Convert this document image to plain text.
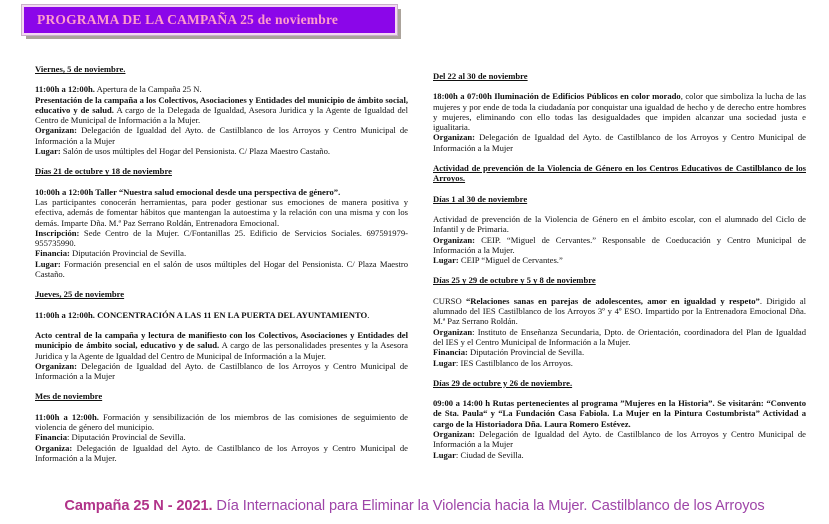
PROGRAMA DE LA CAMPAÑA 25 de noviembre
Viernes, 5 de noviembre.

11:00h a 12:00h. Apertura de la Campaña 25 N.

Presentación de la campaña a los Colectivos, Asociaciones y Entidades del municipio de ámbito social, educativo y de salud. A cargo de la Delegada de Igualdad, Asesora Juridica y la Agente de Igualdad del Centro de Municipal de Información a la Mujer.

Organizan: Delegación de Igualdad del Ayto. de Castilblanco de los Arroyos y Centro Municipal de Información a la Mujer

Lugar: Salón de usos múltiples del Hogar del Pensionista. C/ Plaza Maestro Castaño.

Días 21 de octubre y 18 de noviembre

10:00h a 12:00h Taller “Nuestra salud emocional desde una perspectiva de género”.

Las participantes conocerán herramientas, para poder gestionar sus emociones de manera positiva y efectiva, además de fomentar hábitos que mantengan la autoestima y la relación con una misma y con los demás. Imparte Dña. M.ª Paz Serrano Roldán, Entrenadora Emocional.

Inscripción: Sede Centro de la Mujer. C/Fontanillas 25. Edificio de Servicios Sociales. 697591979-955735990.

Financia: Diputación Provincial de Sevilla.

Lugar: Formación presencial en el salón de usos múltiples del Hogar del Pensionista. C/ Plaza Maestro Castaño.

Jueves, 25 de noviembre

11:00h a 12:00h. CONCENTRACIÓN A LAS 11 EN LA PUERTA DEL AYUNTAMIENTO.

Acto central de la campaña y lectura de manifiesto con los Colectivos, Asociaciones y Entidades del municipio de ámbito social, educativo y de salud. A cargo de las personalidades presentes y la Asesora Juridica y la Agente de Igualdad del Centro de Municipal de Información a la Mujer.

Organizan: Delegación de Igualdad del Ayto. de Castilblanco de los Arroyos y Centro Municipal de Información a la Mujer

Mes de noviembre

11:00h a 12:00h. Formación y sensibilización de los miembros de las comisiones de seguimiento de violencia de género del municipio.

Financia: Diputación Provincial de Sevilla.

Organiza: Delegación de Igualdad del Ayto. de Castilblanco de los Arroyos y Centro Municipal de Información a la Mujer.

Del 22 al 30 de noviembre

18:00h a 07:00h Iluminación de Edificios Públicos en color morado, color que simboliza la lucha de las mujeres y por ende de toda la ciudadanía por conquistar una igualdad de hecho y de derecho entre hombres y mujeres, eliminando con ello todas las desigualdades que impiden alcanzar una sociedad justa e igualitaria.

Organizan: Delegación de Igualdad del Ayto. de Castilblanco de los Arroyos y Centro Municipal de Información a la Mujer

Actividad de prevención de la Violencia de Género en los Centros Educativos de Castilblanco de los Arroyos.
Días 1 al 30 de noviembre

Actividad de prevención de la Violencia de Género en el ámbito escolar, con el alumnado del Ciclo de Infantil y de Primaria.

Organizan: CEIP. “Miguel de Cervantes.” Responsable de Coeducación y Centro Municipal de Información a la Mujer.

Lugar: CEIP “Miguel de Cervantes.”

Días 25 y 29 de octubre y 5 y 8 de noviembre

CURSO “Relaciones sanas en parejas de adolescentes, amor en igualdad y respeto”. Dirigido al alumnado del IES Castilblanco de los Arroyos 3º y 4º ESO. Impartido por la Entrenadora Emocional Dña. M.ª Paz Serrano Roldán.

Organizan: Instituto de Enseñanza Secundaria, Dpto. de Orientación, coordinadora del Plan de Igualdad del IES y el Centro Municipal de Información a la Mujer.

Financia: Diputación Provincial de Sevilla.

Lugar: IES Castilblanco de los Arroyos.

Días 29 de octubre y 26 de noviembre.

09:00 a 14:00 h Rutas pertenecientes al programa ”Mujeres en la Historia”. Se visitarán: “Convento de Sta. Paula“ y “La Fundación Casa Fabiola. La Mujer en la Pintura Costumbrista” Actividad a cargo de la Historiadora Dña. Laura Romero Estévez.

Organizan: Delegación de Igualdad del Ayto. de Castilblanco de los Arroyos y Centro Municipal de Información a la Mujer

Lugar: Ciudad de Sevilla.

Campaña 25 N - 2021. Día Internacional para Eliminar la Violencia hacia la Mujer. Castilblanco de los Arroyos
